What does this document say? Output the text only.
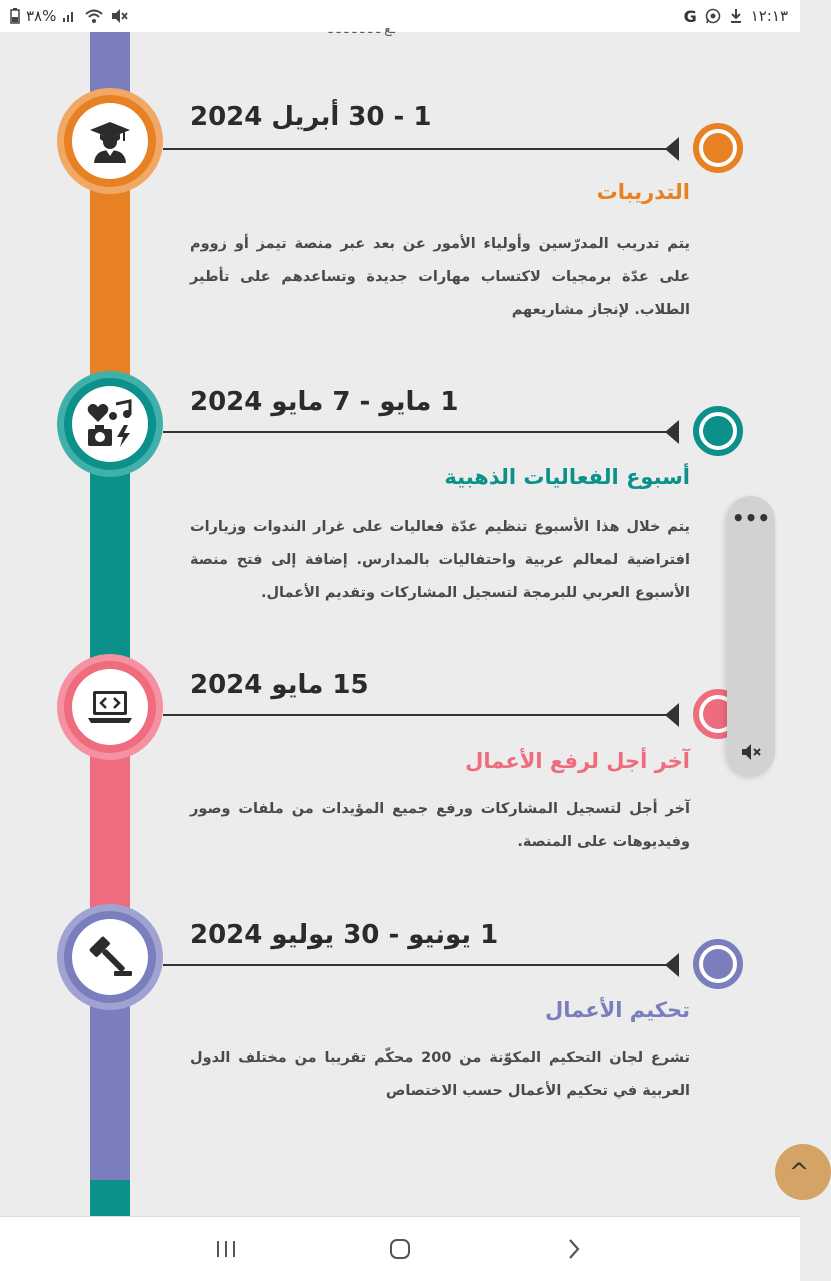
٣٨%	G	١٢:١٣
ـع ـ ـ ـ ـ ـ ـ ـ
1 - 30 أبريل 2024
التدريبات
يتم تدريب المدرّسين وأولياء الأمور عن بعد عبر منصة تيمز أو زووم على عدّة برمجيات لاكتساب مهارات جديدة وتساعدهم على تأطير الطلاب. لإنجاز مشاريعهم
1 مايو - 7 مايو 2024
أسبوع الفعاليات الذهبية
يتم خلال هذا الأسبوع تنظيم عدّة فعاليات على غرار الندوات وزيارات افتراضية لمعالم عربية واحتفاليات بالمدارس. إضافة إلى فتح منصة الأسبوع العربي للبرمجة لتسجيل المشاركات وتقديم الأعمال.
15 مايو 2024
آخر أجل لرفع الأعمال
آخر أجل لتسجيل المشاركات ورفع جميع المؤيدات من ملفات وصور وفيديوهات على المنصة.
1 يونيو - 30 يوليو 2024
تحكيم الأعمال
تشرع لجان التحكيم المكوّنة من 200 محكّم تقريبا من مختلف الدول العربية في تحكيم الأعمال حسب الاختصاص
•••
^
